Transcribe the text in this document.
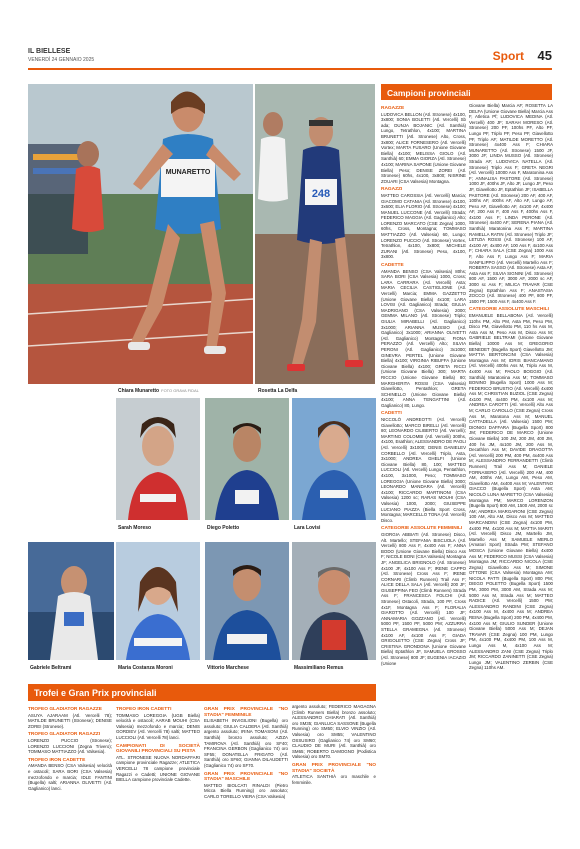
IL BIELLESE
VENERDÌ 24 GENNAIO 2025	Sport 45
MUNARETTO
Chiara Munaretto FOTO GRAVA FIDAL
248
Rosetta La Delfa
Sarah Moreso	Diego Poletto	Lara Lovisi
Gabriele Beltrami	Maria Costanza Moroni	Vittorio Marchese	Massimiliano Remus
Campioni provinciali
RAGAZZE
LUDOVICA BELLON (Atl. Stronese) 4x100, 3x800; SONIA BOLETTI (Atl. Vercelli) Sb ada; DUNJA BOJANIC (Atl. Santhià) Lungo, Tetrathlon, 4x100; MARTINA BRUNETTI (Atl. Stronese) Alto, Cross, 3x800; ALICE FORNESERO (Atl. Vercelli) Vortex; MARTA FUSARO (Unione Giovane Biella) 4x100; MELISSA GIOLO (Atl. Santhià) 60; EMMA GIORZA (Atl. Stronese) 4x100; MARINA SAPONE (Unione Giovane Biella) Peso; DENISE ZOREI (Atl. Stronese) 60hs, 4x100, 3x800; NISRINE ZOUARI (CSA Valsesia) Montagna.
RAGAZZI
MATTEO CAROSSIA (Atl. Vercelli) Marcia; GIACOMO CATANIA (Atl. Stronese) 4x100, 3x600; ELIA FLORIO (Atl. Stronese) 4x100; MANUEL LUCCONE (Atl. Vercelli) Strada; FEDERICO MAGGIA (Atl. Gaglianico) Alto; LORENZO MARCATO (CSE Zegna) 1000, 60hs, Cross, Montagna; TOMMASO MATTIAZZO (Atl. Valsesia) 60, Lungo; LORENZO PUCCIO (Atl. Stronese) Vortex, Tetrathlon, 4x100, 3x800; MICHELE ZURANI (Atl. Stronese) Peso, 4x100, 3x800.
CADETTE
AMANDA BENSO (CSA Valsesia) 80hs; SARA BORI (CSA Valsesia) 1000, Cross; LARA CARRARA (Atl. Vercelli) Asta; MARIA CECILIA CASTIGLIONE (Atl. Vercelli) Marcia; EMMA GAZZETTO (Unione Giovane Biella) 4x100; LARA LOVISI (Atl. Gaglianico) Strada; GIULIA MADRIGANO (CSA Valsesia) 2000; GEMMA MILANO (Atl. Stronese) Triplo; GIULIA MIRABELLI (Atl. Gaglianico) 3x1000; ARIANNA MUSSIO (Atl. Gaglianico) 3x1000; ARIANNA OLIVETTI (Atl. Gaglianico) Montagna; FIONA PERAZZO (Atl. Vercelli) Alto; SILVIA PERONI (Atl. Gaglianico) 3x1000; GINEVRA PERTEL (Unione Giovane Biella) 4x100; VIRGINIA RIBUFFA (Unione Giovane Biella) 4x100; GRETA RICCI (Unione Giovane Biella) 300; MARTA RICCIO (Unione Giovane Biella) 80; MARGHERITA ROSSI (CSA Valsesia) Giavellotto, Pentathlon; GRETA SCHINELLO (Unione Giovane Biella) 4x100; ANNA TENGATTINI (Atl. Gaglianico) 80, Lungo.
CADETTI
NICCOLÒ ANDREOTTI (Atl. Vercelli) Giavellotto; MARCO BIRELLI (Atl. Vercelli) 80; LEONARDO CILIBERTO (Atl. Vercelli); MARTINO COLOMBI (Atl. Vercelli) 300hs, 4x100, Esathlon; ALESSANDRO DE PAOLI (Atl. Vercelli) 3x1000; DENIS DANIELEV CORBELLO (Atl. Vercelli) Triplo, Asta, 3x1000; ANDREA GHELFI (Unione Giovane Biella) 80, 100; MATTEO LUCCIOLI (Atl. Vercelli) Lungo, Pentathlon, 4x100, 3x1000, Peso; TOMMASO LOREGGIA (Unione Giovane Biella) 3000; LEONARDO MANDARA (Atl. Vercelli) 4x100; RICCARDO MARTINONI (CSA Valsesia) 1200 sc; RARAS MOUHI (CSA Valsesia) 1000, 2000; GIUSEPPE LUCIANO PIAZZA (Biella Sport Cross, Montagna; MARCELLO TONA (Atl. Vercelli) Disco.
CATEGORIE ASSOLUTE FEMMINILI
GIORGIA ABBIATI (Atl. Stronese) Disco, Alt. Martello; STEFANIA BISCUOLA (Atl. Vercelli) 800 Ass F, 4x400 Ass F; ANNA BODO (Unione Giovane Biella) Disco Ass F; NICOLE BONI (CSA Valsesia) Montagna JF; ANGELICA BRIGNOLO (Atl. Stronese) 4x100 JF, 4x100 Ass F; IRENE CAPPO (Atl. Stronese) Cross Ass F; IRENE CORNARI (Climb Runners) Trail Ass F; ALICE DELLA SALA (Atl. Vercelli) 200 JF; GIUSEPPINA FEO (Climb Runners) Strada Ass F; FRANCESCA FOLCHI (Atl. Stronese) Ostacoli, Strada, 100 PF, Cross 4x1F, Montagna Ass F; FLORALIA GIAROTTO (Atl. Vercelli) 100 JF; ANNAMARIA GOZZANO (Atl. Vercelli) 5000 PF, 1500 PF, 5000 PM; AZZURRA STELLA GRAMEGNA (Atl. Stronese) 4x100 AF, 4x100 Ass F; GIADA GRIGOLETTO (CSE Zegna) Cross JF; CRISTINA GRONDONA (Unione Giovane Biella) Eptathlon JF, SAMUELA GROSSO (Atl. Stronese) 800 JF; EUGENIA IACAZIO (Unione
Giovane Biella) Marcia AF; ROSETTA LA DELFA (Unione Giovane Biella) Marcia Ass F, Atletica Pf; LUDOVICA MEDINA (Atl. Vercelli) 400 JF; SARAH MORESO (Atl. Stronese) 200 PF, 100hs PF, Alto PF, Lungo PF, Triplo PF, Peso PF, Giavellotto PF, Triplo AF; MATILDE MORETTO (Atl. Stronese) 4x400 Ass F; CHIARA MUNARETTO (Atl. Stronese) 1500 JF, 3000 JF; LINDA MUSSO (Atl. Stronese) Strada AF; LUDOVICA NATELLA (Atl. Stronese) Triplo Ass F; GRETA NEGRI (Atl. Vercelli) 10000 Ass F, Maratonina Ass F; ANNALISA PASTORE (Atl. Stronese) 1000 JF, 400hs JF, Alto JF, Lungo JF, Peso JF, Giavellotto JF, Eptathlon JF; ISABELLA PASTORE (Atl. Stronese) 200 AF, 400 AF, 100hs AF, 400hs AF, Alto AF, Lungo AF, Peso AF, Giavellotto AF, 4x100 AF, 4x400 AF, 200 Ass F, 400 Ass F, 400hs Ass F, 4x100 Ass F; LINDA PERONE (Atl. Stronese) 4x400 AF; SERENA PIANA (Atl. Santhià) Maratonina Ass F; MARTINA RAMELLA RATIN (Atl. Stronese) Triplo JF; LETIZIA ROSSI (Atl. Stronese) 100 AF, 4x100 AF, 4x400 AF, 100 Ass F, 4x100 Ass F; CHIARA SALA (CSE Zegna) 1000 Ass F, Alto Ass F, Lungo Ass F; MARIA SANFILIPPO (Atl. Vercelli) Martello Ass F; ROBERTA SASSO (Atl. Stronese) Asta AF, Asta Ass F; SILVIA SIGNINI (Atl. Stronese) 800 AF, 1500 AF, 3000 AF, 2000 sc AF, 3000 sc Ass F; MILICA TRAVAR (CSE Zegna) Eptathlon Ass F; ANASTASIA ZOCCO (Atl. Stronese) 400 PF, 800 PF, 1500 PF, 1500 Ass F, 4x400 Ass F.
CATEGORIE ASSOLUTE MASCHILI
EMANUELE BELLABONA (Atl. Vercelli) 110hs PM, Alto PM, Asta PM, Peso PM, Disco PM, Giavellotto PM, 110 hs Ass M, Asta Ass M, Peso Ass M, Disco Ass M; GABRIELE BELTRAMI (Unione Giovane Biella) 10000 Ass M; GREGORIO BENEDET (Bugella Sport) Giavellotto JM; MATTIA BERTONCINI (CSA Valsesia) Montagna Ass M; IDRIS BIANCAMANO (Atl. Vercelli) 400hs Ass M, Triplo Ass M, 4x400 Ass M; PAOLO BOGGIO (Atl. Santhià) Maratonina Ass M; TOMMASO BONINO (Bugella Sport) 1000 Ass M; FEDERICO BRUSTIO (Atl. Vercelli) 4x400 Ass M; CHRISTIAN BUZIOL (CSE Zegna) 4x100 PM, 4x400 PM, 4x100 Ass M; ANDREA CAROTTI (Atl. Vercelli) Alto Ass M; CARLO CAROLLO (CSE Zegna) Cross Ass M, Maratona Ass M; MANUEL CATTADELLA (Atl. Valsesia) 1500 PM; DIONIGI DAFFARA (Bugella Sport) 800 JM; FEDERICO DE MARCO (Unione Giovane Biella) 100 JM, 200 JM, 400 JM, 400 hs JM, 4x100 JM, 200 Ass M, Decathlon Ass M; DAVIDE DRAGOTTA (Atl. Vercelli) 200 PM, 400 PM, 4x400 Ass M; ALESSANDRO FERRANDETTI (Climb Runners) Trail Ass M; DANIELE FORNASERO (Atl. Vercelli) 200 AM, 400 AM, 400hs AM, Lungo AM, Peso AM, Giavellotto AM, 4x400 Ass M; VALENTINO GIACCO (Bugella Sport) Asta AM; NICOLÒ LUNA MARETTO (CSA Valsesia) Montagna PM; MARCO LORENZON (Bugella Sport) 800 AM, 1500 AM, 2000 sc AM; ANDREA MARGARONI (CSE Zegna) 100 AM, Alto AM, Disco Ass M; MATTEO MARCANDINI (CSE Zegna) 4x100 PM, 4x400 PM, 4x100 Ass M; MATTIA MARITI (Atl. Vercelli) Disco JM, Martello JM, Martello Ass M; SAMUELE MERLO (Amatori Sport) Strada PM; STEFANO MOSCA (Unione Giovane Biella) 4x400 Ass M; FEDERICO MUSSI (CSA Valsesia) Montagna JM; RICCARDO NICOLA (CSE Zegna) Giavellotto Ass M; SIMONE OTTONE (CSA Valsesia) Montagna AM; NICOLA PATTI (Bugella Sport) 800 PM; DIEGO POLETTO (Bugella Sport) 1500 PM, 3000 PM, 3000 AM, Strada Ass M; 5000 Ass M, Strada Ass M; MATTEO RADICE (Atl. Vercelli) 1500 PM; ALESSANDRO RANDINI (CSE Zegna) 4x100 Ass M, 4x400 Ass M; ANDREA REINA (Bugella Sport) 200 PM, 4x400 PM, 4x100 Ass M; GIULIO SUNDER (Unione Giovane Biella) 5000 Ass M; DEJAN TRAVAR (CSE Zegna) 100 PM, Lungo PM, 4x100 PM, 4x400 PM, 100 Ass M, Lungo Ass M, 4x100 Ass M; ALESSANDRO ZANI (CSE Zegna) Triplo JM; RICCARDO ZANINETTI (CSE Zegna) Lungo JM; VALENTINO ZERBIN (CSE Zegna) 110hs AM.
Trofei e Gran Prix provinciali
TROFEO GLADIATOR RAGAZZE
ASUYA AJARAAM (Atl. Vercelli 78); MATILDE BRUNETTI (Stronese); DENISE ZOREI (Stronese).
TROFEO GLADIATOR RAGAZZI
LORENZO PUCCIO (Stronese); LORENZO LUCCIONI (Zegna Trivero); TOMMASO MATTIAZZO (Atl. Valsesia).
TROFEO IRON CADETTE
AMANDA BENSO (CSA Valsesia) velocità e ostacoli; SARA BORI (CSA Valsesia) mezzofondo e marcia; IDLE FANTINI (Bugella) salti; ARIANNA OLIVETTI (Atl. Gaglianico) lanci.
TROFEO IRON CADETTI
TOMMASO LOREGGIA (UGB Biella) velocità e ostacoli; AARAB MOUHI (CSA Valsesia) mezzofondo e marcia; DENIS GORDIEV (Atl. Vercelli 78) salti; MATTEO LUCCIOLI (Atl. Vercelli 78) lanci.
CAMPIONATI DI SOCIETÀ GIOVANILI PROVINCIALI SU PISTA
ATL. STRONESE NUOVA NORDAFFARI campione provinciale Ragazze; ATLETICA VERCELLI 78 campione provinciale Ragazzi e Cadetti; UNIONE GIOVANE BIELLA campione provinciale Cadette.
GRAN PRIX PROVINCIALE "NO STADIA" FEMMINILE
ELISABETH INVIGILIONI (Bugella) oro assoluto; GIULIA CALDERA (Atl. Santhià) argento assoluto; IRINA TOMASONI (Atl. Santhià) bronzo assoluto; AZIZA TAMIROVA (Atl. Santhià) oro SF40; FRANCINA GERBON (Gaglianico 74) oro SF55; DONATELLA FRIGATO (Atl. Santhià) oro SF60; GIANNA DILAUDETTI (Gaglianico 74) oro SF70.
GRAN PRIX PROVINCIALE "NO STADIA" MASCHILE
MATTEO BIOLCATI RINALDI (Pietro Micca Biella Running) oro assoluto; CARLO TORELLO VIERA (CSA Valsesia)
argento assoluto; FEDERICO MAGAGNA (Climb Runners Biella) bronzo assoluto; ALESSANDRO CHIARATI (Atl. Santhià) oro SM35; GIANLUCA SASSONE (Bugella Running) oro SM50; ELVIO VINZIO (Atl. Valsesia) oro SM55; VALENTINO OSSUSIRO (Gaglianico 74) oro SM60; CLAUDIO DE MURI (Atl. Santhià) oro SM65; ROBERTO DAMOGNO (Podistica Valsesia) oro SM70.
GRAN PRIX PROVINCIALE "NO STADIA" SOCIETÀ
ATLETICA SANTHIÀ oro maschile e femminile.
